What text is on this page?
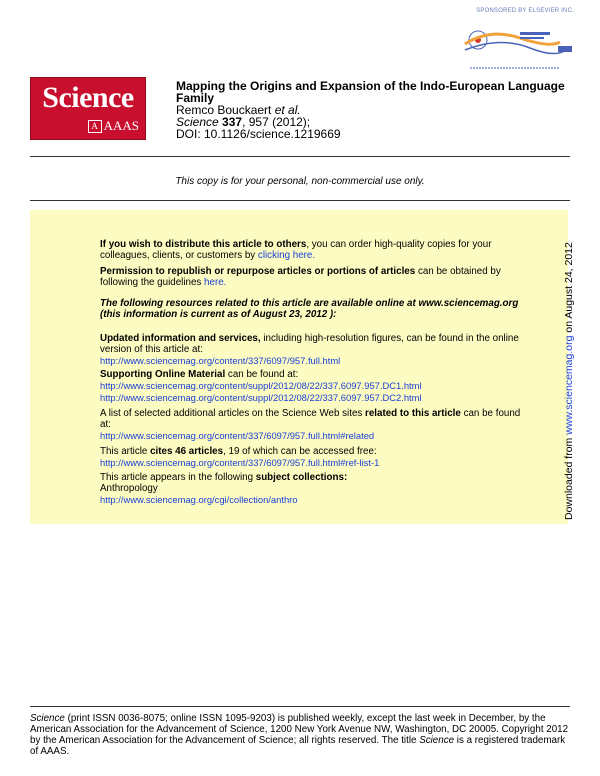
SPONSORED BY ELSEVIER INC.
Science
A AAAS
Mapping the Origins and Expansion of the Indo-European Language Family
Remco Bouckaert et al.
Science 337, 957 (2012);
DOI: 10.1126/science.1219669
This copy is for your personal, non-commercial use only.
If you wish to distribute this article to others, you can order high-quality copies for your colleagues, clients, or customers by clicking here.
Permission to republish or repurpose articles or portions of articles can be obtained by following the guidelines here.
The following resources related to this article are available online at www.sciencemag.org (this information is current as of August 23, 2012 ):
Updated information and services, including high-resolution figures, can be found in the online version of this article at:
http://www.sciencemag.org/content/337/6097/957.full.html
Supporting Online Material can be found at:
http://www.sciencemag.org/content/suppl/2012/08/22/337.6097.957.DC1.html
http://www.sciencemag.org/content/suppl/2012/08/22/337.6097.957.DC2.html
A list of selected additional articles on the Science Web sites related to this article can be found at:
http://www.sciencemag.org/content/337/6097/957.full.html#related
This article cites 46 articles, 19 of which can be accessed free:
http://www.sciencemag.org/content/337/6097/957.full.html#ref-list-1
This article appears in the following subject collections:
Anthropology
http://www.sciencemag.org/cgi/collection/anthro	Downloaded from www.sciencemag.org on August 24, 2012
Science (print ISSN 0036-8075; online ISSN 1095-9203) is published weekly, except the last week in December, by the American Association for the Advancement of Science, 1200 New York Avenue NW, Washington, DC 20005. Copyright 2012 by the American Association for the Advancement of Science; all rights reserved. The title Science is a registered trademark of AAAS.
